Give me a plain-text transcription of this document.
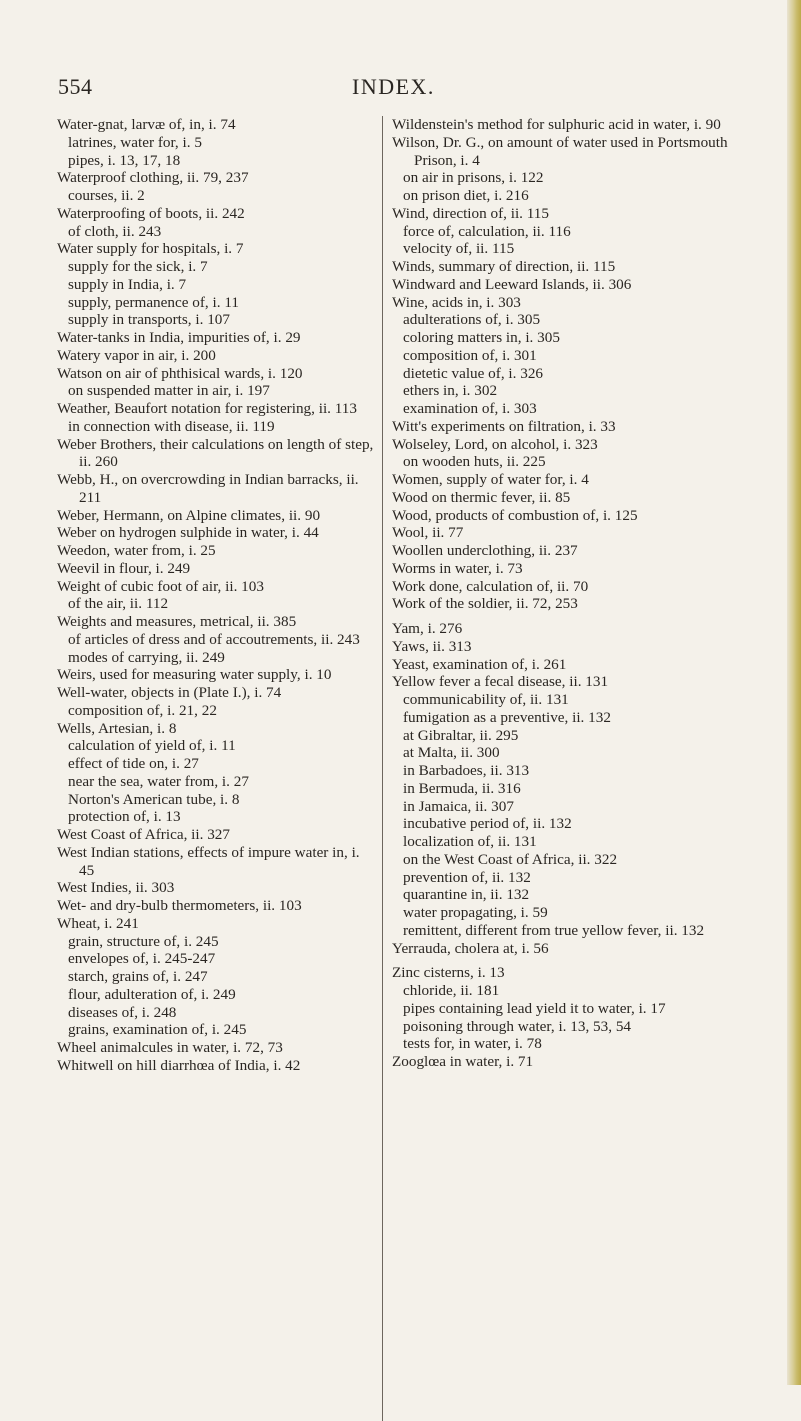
554	INDEX.
Water-gnat, larvæ of, in, i. 74
latrines, water for, i. 5
pipes, i. 13, 17, 18
Waterproof clothing, ii. 79, 237
courses, ii. 2
Waterproofing of boots, ii. 242
of cloth, ii. 243
Water supply for hospitals, i. 7
supply for the sick, i. 7
supply in India, i. 7
supply, permanence of, i. 11
supply in transports, i. 107
Water-tanks in India, impurities of, i. 29
Watery vapor in air, i. 200
Watson on air of phthisical wards, i. 120
on suspended matter in air, i. 197
Weather, Beaufort notation for registering, ii. 113
in connection with disease, ii. 119
Weber Brothers, their calculations on length of step, ii. 260
Webb, H., on overcrowding in Indian barracks, ii. 211
Weber, Hermann, on Alpine climates, ii. 90
Weber on hydrogen sulphide in water, i. 44
Weedon, water from, i. 25
Weevil in flour, i. 249
Weight of cubic foot of air, ii. 103
of the air, ii. 112
Weights and measures, metrical, ii. 385
of articles of dress and of accoutrements, ii. 243
modes of carrying, ii. 249
Weirs, used for measuring water supply, i. 10
Well-water, objects in (Plate I.), i. 74
composition of, i. 21, 22
Wells, Artesian, i. 8
calculation of yield of, i. 11
effect of tide on, i. 27
near the sea, water from, i. 27
Norton's American tube, i. 8
protection of, i. 13
West Coast of Africa, ii. 327
West Indian stations, effects of impure water in, i. 45
West Indies, ii. 303
Wet- and dry-bulb thermometers, ii. 103
Wheat, i. 241
grain, structure of, i. 245
envelopes of, i. 245-247
starch, grains of, i. 247
flour, adulteration of, i. 249
diseases of, i. 248
grains, examination of, i. 245
Wheel animalcules in water, i. 72, 73
Whitwell on hill diarrhœa of India, i. 42
Wildenstein's method for sulphuric acid in water, i. 90
Wilson, Dr. G., on amount of water used in Portsmouth Prison, i. 4
on air in prisons, i. 122
on prison diet, i. 216
Wind, direction of, ii. 115
force of, calculation, ii. 116
velocity of, ii. 115
Winds, summary of direction, ii. 115
Windward and Leeward Islands, ii. 306
Wine, acids in, i. 303
adulterations of, i. 305
coloring matters in, i. 305
composition of, i. 301
dietetic value of, i. 326
ethers in, i. 302
examination of, i. 303
Witt's experiments on filtration, i. 33
Wolseley, Lord, on alcohol, i. 323
on wooden huts, ii. 225
Women, supply of water for, i. 4
Wood on thermic fever, ii. 85
Wood, products of combustion of, i. 125
Wool, ii. 77
Woollen underclothing, ii. 237
Worms in water, i. 73
Work done, calculation of, ii. 70
Work of the soldier, ii. 72, 253
Yam, i. 276
Yaws, ii. 313
Yeast, examination of, i. 261
Yellow fever a fecal disease, ii. 131
communicability of, ii. 131
fumigation as a preventive, ii. 132
at Gibraltar, ii. 295
at Malta, ii. 300
in Barbadoes, ii. 313
in Bermuda, ii. 316
in Jamaica, ii. 307
incubative period of, ii. 132
localization of, ii. 131
on the West Coast of Africa, ii. 322
prevention of, ii. 132
quarantine in, ii. 132
water propagating, i. 59
remittent, different from true yellow fever, ii. 132
Yerrauda, cholera at, i. 56
Zinc cisterns, i. 13
chloride, ii. 181
pipes containing lead yield it to water, i. 17
poisoning through water, i. 13, 53, 54
tests for, in water, i. 78
Zooglœa in water, i. 71
